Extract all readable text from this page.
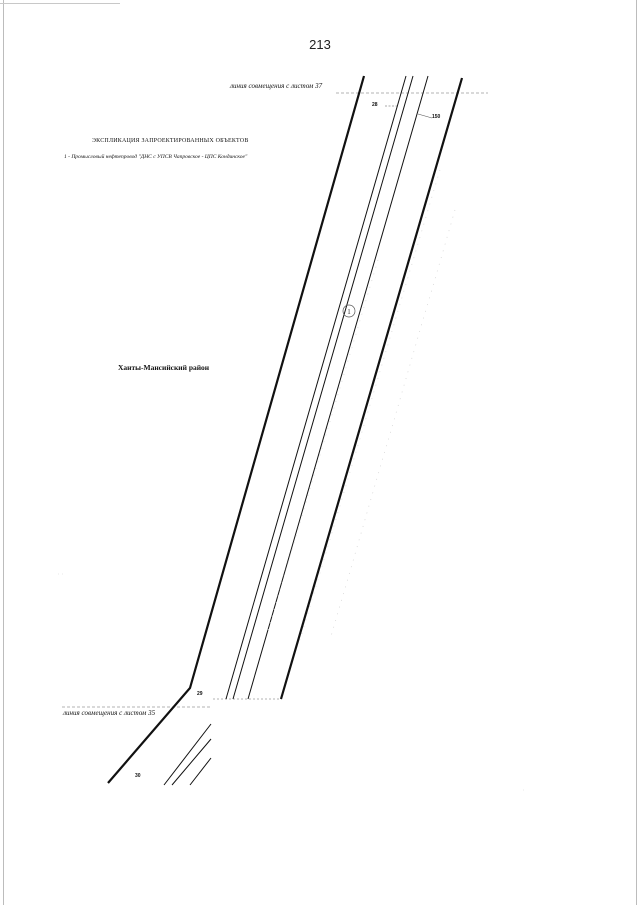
213
1
линия совмещения с листом 37
линия совмещения с листом 35
ЭКСПЛИКАЦИЯ ЗАПРОЕКТИРОВАННЫХ ОБЪЕКТОВ
1 - Промысловый нефтепровод "ДНС с УПСВ Чапровское - ЦПС Кондинское"
Ханты-Мансийский район
28
150
29
30
